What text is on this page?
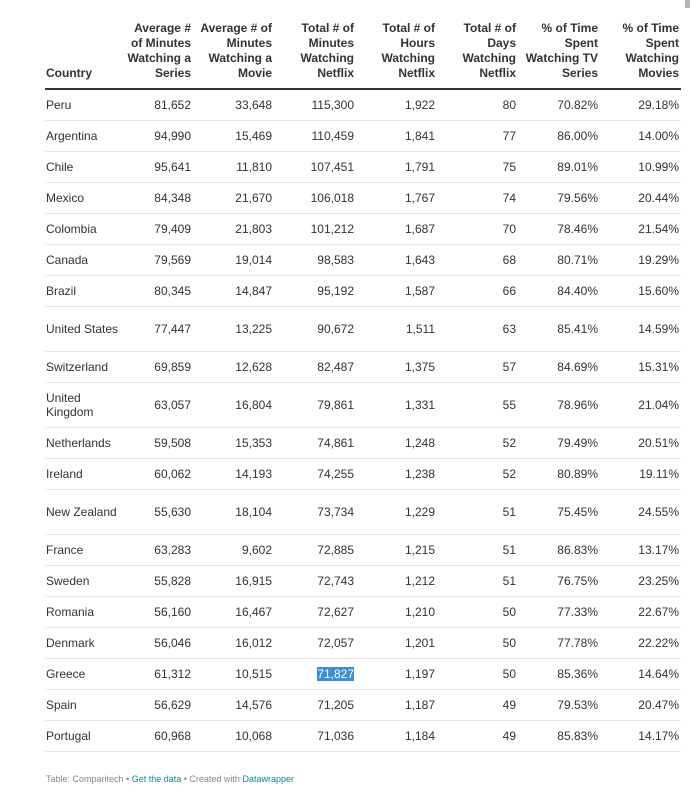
Country	Average # of Minutes Watching a Series	Average # of Minutes Watching a Movie	Total # of Minutes Watching Netflix	Total # of Hours Watching Netflix	Total # of Days Watching Netflix	% of Time Spent Watching TV Series	% of Time Spent Watching Movies
Peru	81,652	33,648	115,300	1,922	80	70.82%	29.18%
Argentina	94,990	15,469	110,459	1,841	77	86.00%	14.00%
Chile	95,641	11,810	107,451	1,791	75	89.01%	10.99%
Mexico	84,348	21,670	106,018	1,767	74	79.56%	20.44%
Colombia	79,409	21,803	101,212	1,687	70	78.46%	21.54%
Canada	79,569	19,014	98,583	1,643	68	80.71%	19.29%
Brazil	80,345	14,847	95,192	1,587	66	84.40%	15.60%
United States	77,447	13,225	90,672	1,511	63	85.41%	14.59%
Switzerland	69,859	12,628	82,487	1,375	57	84.69%	15.31%
United Kingdom	63,057	16,804	79,861	1,331	55	78.96%	21.04%
Netherlands	59,508	15,353	74,861	1,248	52	79.49%	20.51%
Ireland	60,062	14,193	74,255	1,238	52	80.89%	19.11%
New Zealand	55,630	18,104	73,734	1,229	51	75.45%	24.55%
France	63,283	9,602	72,885	1,215	51	86.83%	13.17%
Sweden	55,828	16,915	72,743	1,212	51	76.75%	23.25%
Romania	56,160	16,467	72,627	1,210	50	77.33%	22.67%
Denmark	56,046	16,012	72,057	1,201	50	77.78%	22.22%
Greece	61,312	10,515	71,827	1,197	50	85.36%	14.64%
Spain	56,629	14,576	71,205	1,187	49	79.53%	20.47%
Portugal	60,968	10,068	71,036	1,184	49	85.83%	14.17%
Table: Comparitech • Get the data • Created with Datawrapper
